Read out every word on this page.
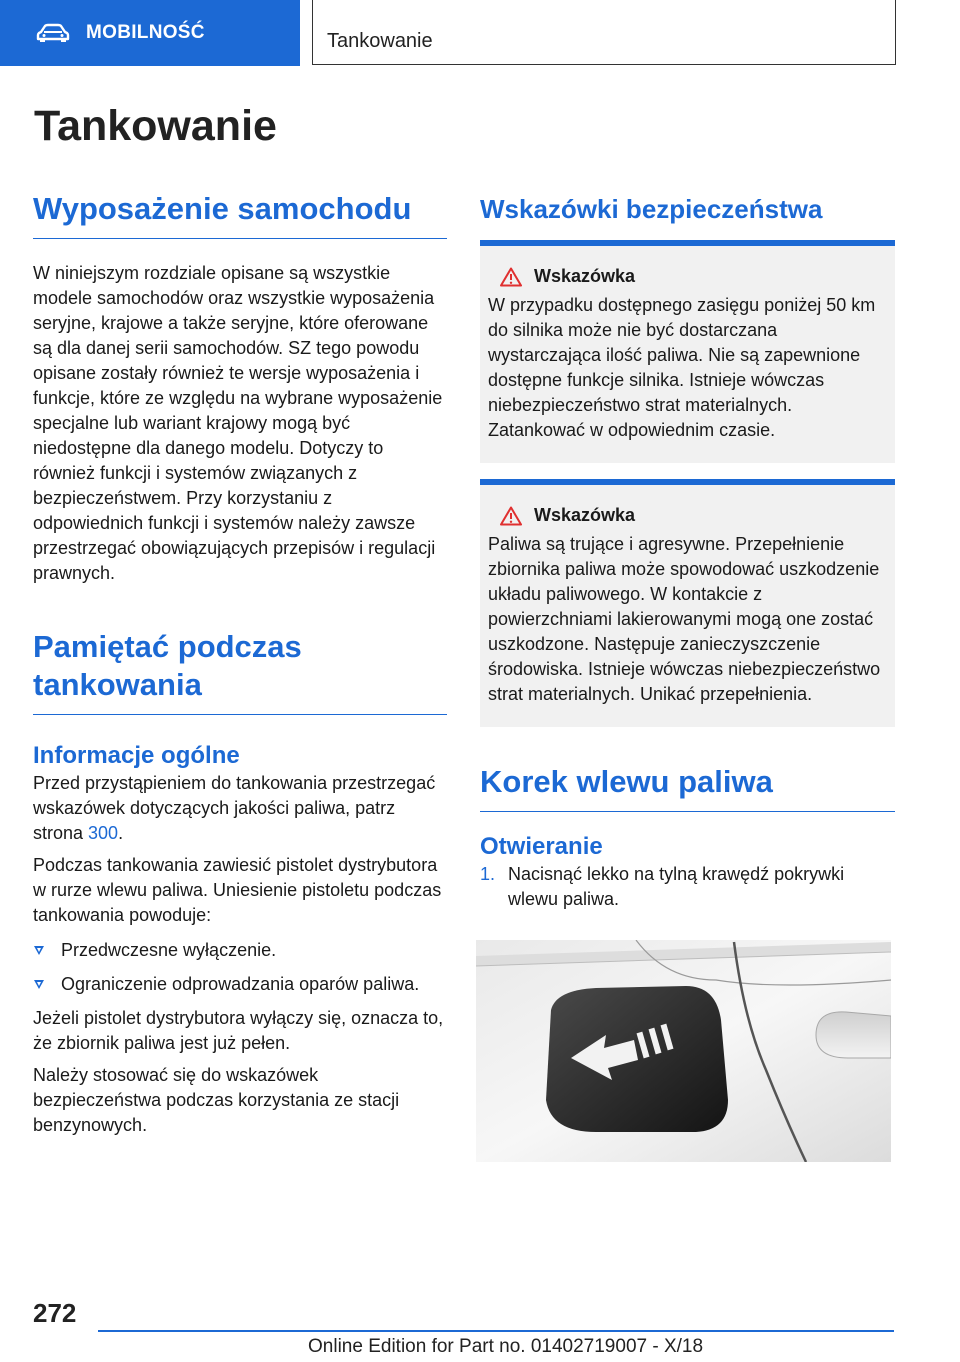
MOBILNOŚĆ	Tankowanie
Tankowanie
Wyposażenie samochodu

W niniejszym rozdziale opisane są wszystkie modele samochodów oraz wszystkie wyposażenia seryjne, krajowe a także seryjne, które oferowane są dla danej serii samochodów. SZ tego powodu opisane zostały również te wersje wyposażenia i funkcje, które ze względu na wybrane wyposażenie specjalne lub wariant krajowy mogą być niedostępne dla danego modelu. Dotyczy to również funkcji i systemów związanych z bezpieczeństwem. Przy korzystaniu z odpowiednich funkcji i systemów należy zawsze przestrzegać obowiązujących przepisów i regulacji prawnych.

Pamiętać podczas tankowania
Informacje ogólne

Przed przystąpieniem do tankowania przestrzegać wskazówek dotyczących jakości paliwa, patrz strona 300.

Podczas tankowania zawiesić pistolet dystrybutora w rurze wlewu paliwa. Uniesienie pistoletu podczas tankowania powoduje:

Przedwczesne wyłączenie.
Ograniczenie odprowadzania oparów paliwa.

Jeżeli pistolet dystrybutora wyłączy się, oznacza to, że zbiornik paliwa jest już pełen.

Należy stosować się do wskazówek bezpieczeństwa podczas korzystania ze stacji benzynowych.

Wskazówki bezpieczeństwa
Wskazówka

W przypadku dostępnego zasięgu poniżej 50 km do silnika może nie być dostarczana wystarczająca ilość paliwa. Nie są zapewnione dostępne funkcje silnika. Istnieje wówczas niebezpieczeństwo strat materialnych. Zatankować w odpowiednim czasie.

Wskazówka

Paliwa są trujące i agresywne. Przepełnienie zbiornika paliwa może spowodować uszkodzenie układu paliwowego. W kontakcie z powierzchniami lakierowanymi mogą one zostać uszkodzone. Następuje zanieczyszczenie środowiska. Istnieje wówczas niebezpieczeństwo strat materialnych. Unikać przepełnienia.

Korek wlewu paliwa
Otwieranie
1. Nacisnąć lekko na tylną krawędź pokrywki wlewu paliwa.

272
Online Edition for Part no. 01402719007 - X/18
